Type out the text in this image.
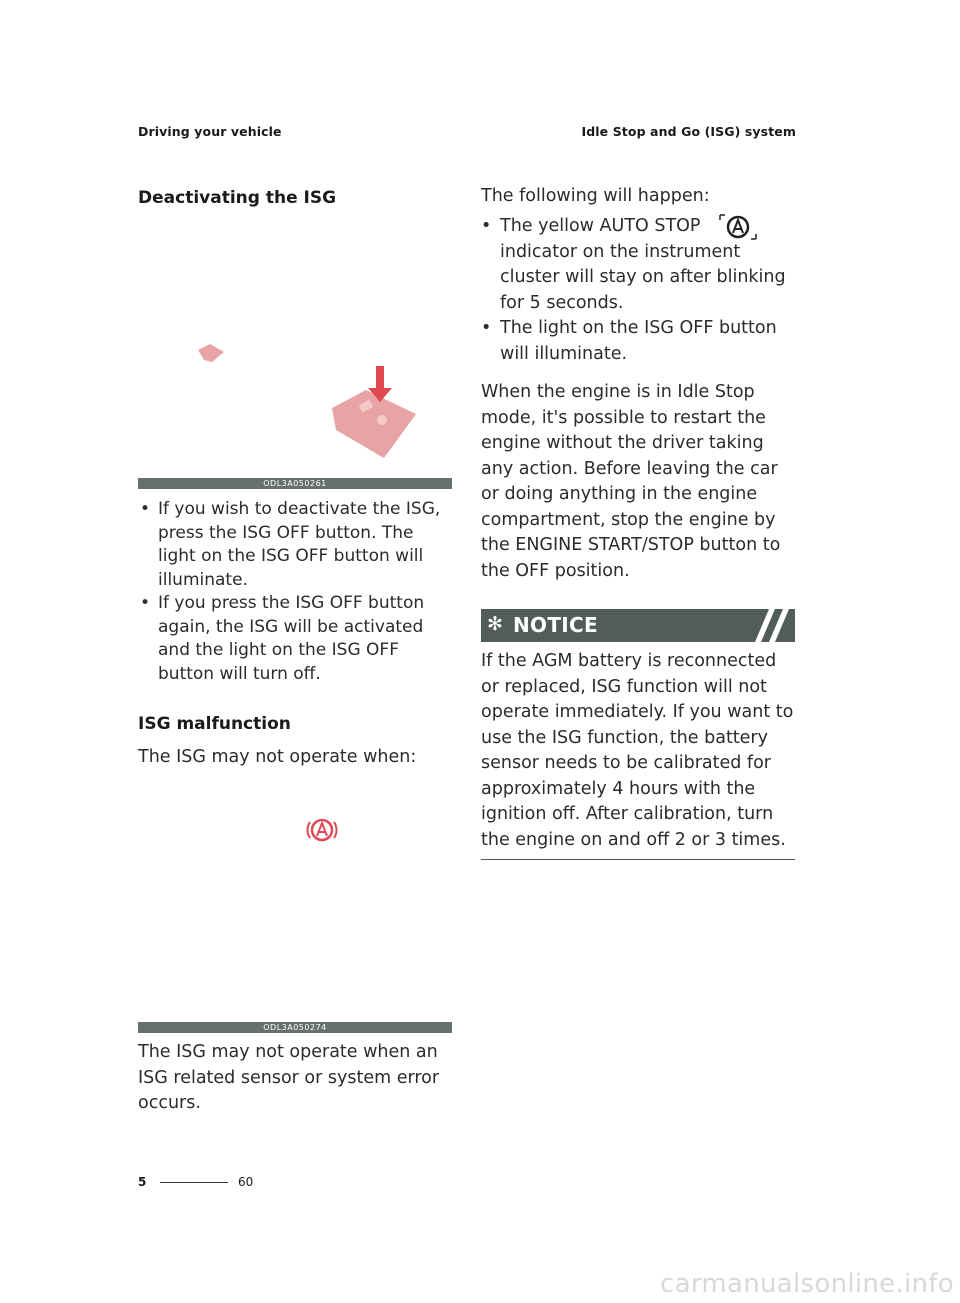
Driving your vehicle	Idle Stop and Go (ISG) system
Deactivating the ISG
ODL3A050261
• If you wish to deactivate the ISG, press the ISG OFF button. The light on the ISG OFF button will illuminate.
• If you press the ISG OFF button again, the ISG will be activated and the light on the ISG OFF button will turn off.
ISG malfunction
The ISG may not operate when:
ODL3A050274
The ISG may not operate when an ISG related sensor or system error occurs.
The following will happen:
• The yellow AUTO STOP
indicator on the instrument cluster will stay on after blinking for 5 seconds.
• The light on the ISG OFF button will illuminate.
When the engine is in Idle Stop mode, it's possible to restart the engine without the driver taking any action. Before leaving the car or doing anything in the engine compartment, stop the engine by the ENGINE START/STOP button to the OFF position.
✻ NOTICE
If the AGM battery is reconnected or replaced, ISG function will not operate immediately. If you want to use the ISG function, the battery sensor needs to be calibrated for approximately 4 hours with the ignition off. After calibration, turn the engine on and off 2 or 3 times.
5	60
carmanualsonline.info
